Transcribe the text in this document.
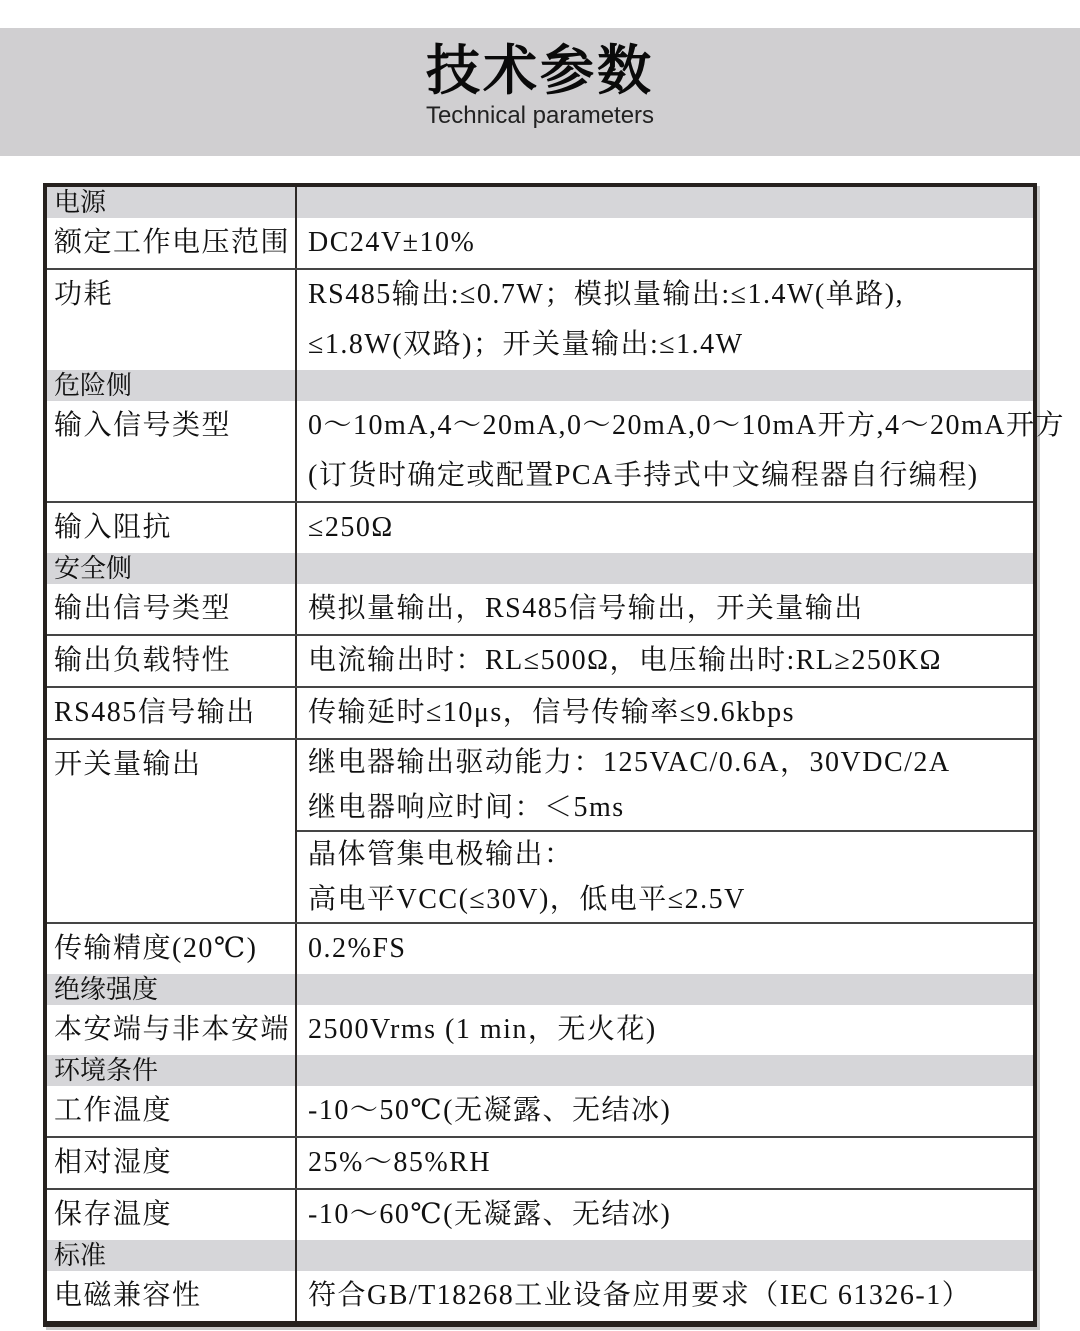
技术参数
Technical parameters
电源
额定工作电压范围 DC24V±10%
功耗	RS485输出:≤0.7W；模拟量输出:≤1.4W(单路),
≤1.8W(双路)；开关量输出:≤1.4W
危险侧
输入信号类型	0～10mA,4～20mA,0～20mA,0～10mA开方,4～20mA开方
(订货时确定或配置PCA手持式中文编程器自行编程)
输入阻抗	≤250Ω
安全侧
输出信号类型	模拟量输出，RS485信号输出，开关量输出
输出负载特性	电流输出时：RL≤500Ω，电压输出时:RL≥250KΩ
RS485信号输出	传输延时≤10μs，信号传输率≤9.6kbps
开关量输出	继电器输出驱动能力：125VAC/0.6A，30VDC/2A
继电器响应时间：＜5ms
晶体管集电极输出：
高电平VCC(≤30V)，低电平≤2.5V
传输精度(20℃)	0.2%FS
绝缘强度
本安端与非本安端 2500Vrms (1 min，无火花)
环境条件
工作温度	-10～50℃(无凝露、无结冰)
相对湿度	25%～85%RH
保存温度	-10～60℃(无凝露、无结冰)
标准
电磁兼容性	符合GB/T18268工业设备应用要求（IEC 61326-1）
